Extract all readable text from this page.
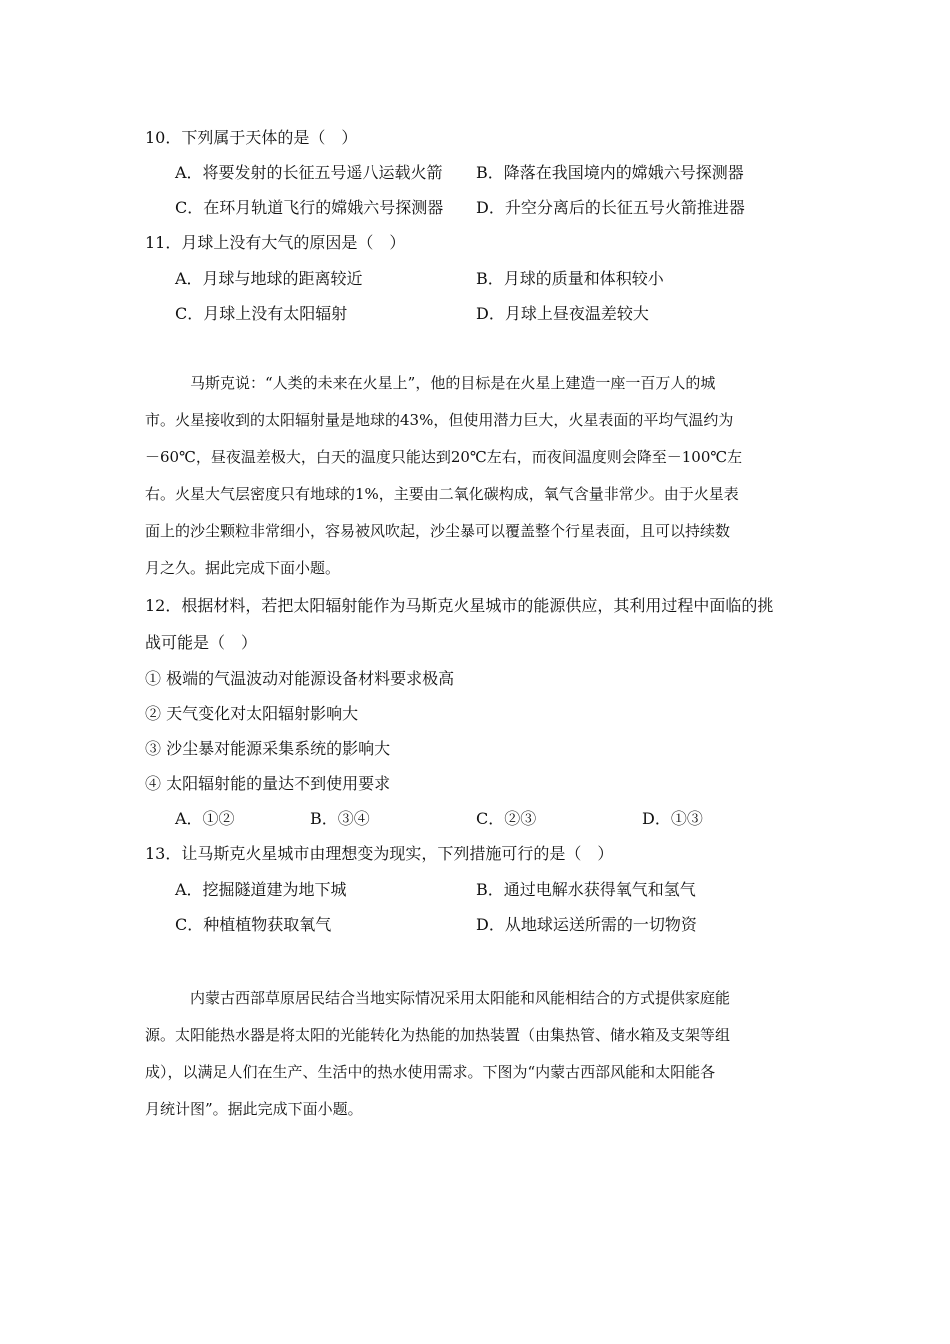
10．下列属于天体的是（　）
A．将要发射的长征五号遥八运载火箭 B．降落在我国境内的嫦娥六号探测器
C．在环月轨道飞行的嫦娥六号探测器 D．升空分离后的长征五号火箭推进器
11．月球上没有大气的原因是（　）
A．月球与地球的距离较近	B．月球的质量和体积较小
C．月球上没有太阳辐射	D．月球上昼夜温差较大

马斯克说：“人类的未来在火星上”，他的目标是在火星上建造一座一百万人的城

市。火星接收到的太阳辐射量是地球的43%，但使用潜力巨大，火星表面的平均气温约为

－60℃，昼夜温差极大，白天的温度只能达到20℃左右，而夜间温度则会降至－100℃左

右。火星大气层密度只有地球的1%，主要由二氧化碳构成，氧气含量非常少。由于火星表

面上的沙尘颗粒非常细小，容易被风吹起，沙尘暴可以覆盖整个行星表面，且可以持续数

月之久。据此完成下面小题。

12．根据材料，若把太阳辐射能作为马斯克火星城市的能源供应，其利用过程中面临的挑
战可能是（　）
① 极端的气温波动对能源设备材料要求极高
② 天气变化对太阳辐射影响大
③ 沙尘暴对能源采集系统的影响大
④ 太阳辐射能的量达不到使用要求
A．①②	B．③④	C．②③	D．①③
13．让马斯克火星城市由理想变为现实，下列措施可行的是（　）
A．挖掘隧道建为地下城	B．通过电解水获得氧气和氢气
C．种植植物获取氧气	D．从地球运送所需的一切物资

内蒙古西部草原居民结合当地实际情况采用太阳能和风能相结合的方式提供家庭能

源。太阳能热水器是将太阳的光能转化为热能的加热装置（由集热管、储水箱及支架等组

成），以满足人们在生产、生活中的热水使用需求。下图为“内蒙古西部风能和太阳能各

月统计图”。据此完成下面小题。
